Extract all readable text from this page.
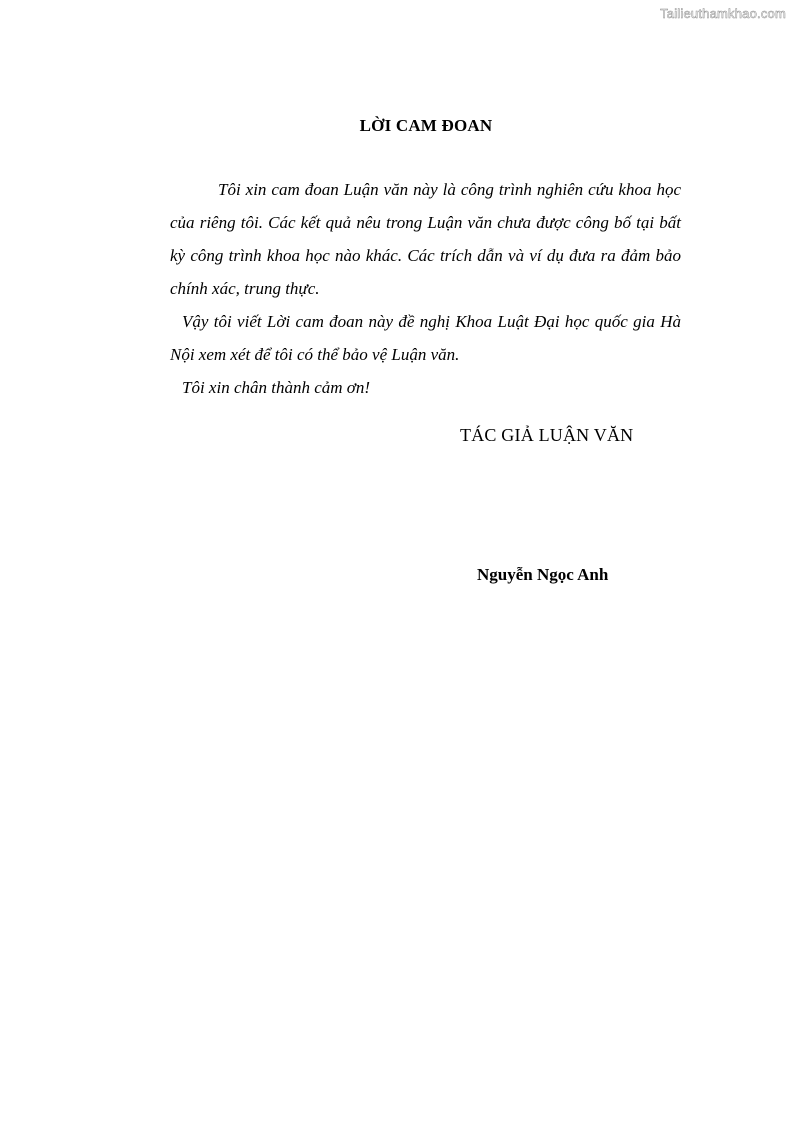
Tailieuthamkhao.com
LỜI CAM ĐOAN

Tôi xin cam đoan Luận văn này là công trình nghiên cứu khoa học của riêng tôi. Các kết quả nêu trong Luận văn chưa được công bố tại bất kỳ công trình khoa học nào khác. Các trích dẫn và ví dụ đưa ra đảm bảo chính xác, trung thực.

Vậy tôi viết Lời cam đoan này đề nghị Khoa Luật Đại học quốc gia Hà Nội xem xét để tôi có thể bảo vệ Luận văn.

Tôi xin chân thành cảm ơn!

TÁC GIẢ LUẬN VĂN
Nguyễn Ngọc Anh
